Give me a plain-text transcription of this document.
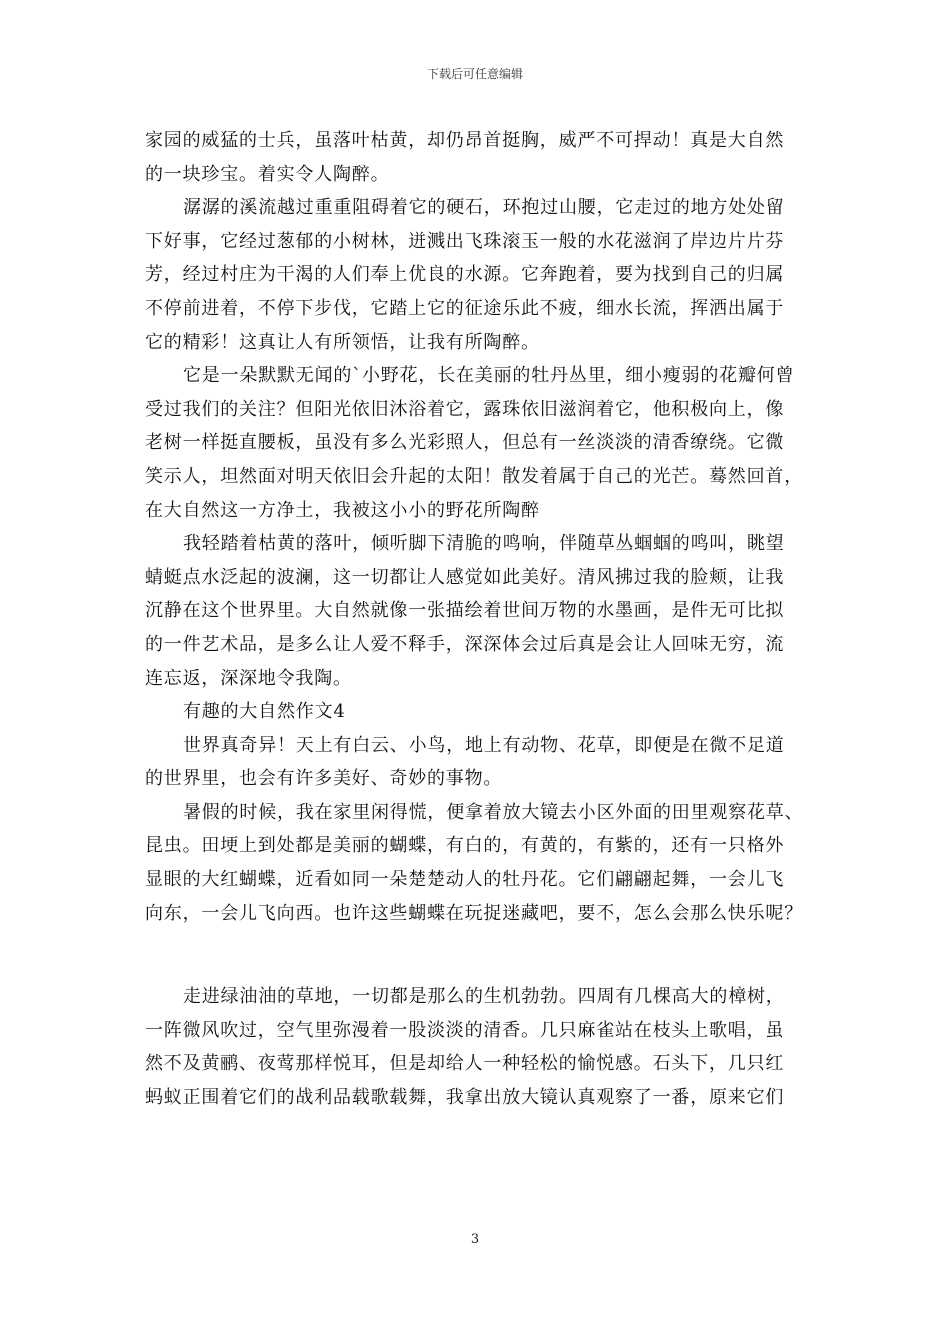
下载后可任意编辑
家园的威猛的士兵，虽落叶枯黄，却仍昂首挺胸，威严不可捍动！真是大自然
的一块珍宝。着实令人陶醉。
潺潺的溪流越过重重阻碍着它的硬石，环抱过山腰，它走过的地方处处留
下好事，它经过葱郁的小树林，迸溅出飞珠滚玉一般的水花滋润了岸边片片芬
芳，经过村庄为干渴的人们奉上优良的水源。它奔跑着，要为找到自己的归属
不停前进着，不停下步伐，它踏上它的征途乐此不疲，细水长流，挥洒出属于
它的精彩！这真让人有所领悟，让我有所陶醉。
它是一朵默默无闻的`小野花，长在美丽的牡丹丛里，细小瘦弱的花瓣何曾
受过我们的关注？但阳光依旧沐浴着它，露珠依旧滋润着它，他积极向上，像
老树一样挺直腰板，虽没有多么光彩照人，但总有一丝淡淡的清香缭绕。它微
笑示人，坦然面对明天依旧会升起的太阳！散发着属于自己的光芒。蓦然回首，
在大自然这一方净土，我被这小小的野花所陶醉
我轻踏着枯黄的落叶，倾听脚下清脆的鸣响，伴随草丛蝈蝈的鸣叫，眺望
蜻蜓点水泛起的波澜，这一切都让人感觉如此美好。清风拂过我的脸颊，让我
沉静在这个世界里。大自然就像一张描绘着世间万物的水墨画，是件无可比拟
的一件艺术品，是多么让人爱不释手，深深体会过后真是会让人回味无穷，流
连忘返，深深地令我陶。
有趣的大自然作文4
世界真奇异！天上有白云、小鸟，地上有动物、花草，即便是在微不足道
的世界里，也会有许多美好、奇妙的事物。
暑假的时候，我在家里闲得慌，便拿着放大镜去小区外面的田里观察花草、
昆虫。田埂上到处都是美丽的蝴蝶，有白的，有黄的，有紫的，还有一只格外
显眼的大红蝴蝶，近看如同一朵楚楚动人的牡丹花。它们翩翩起舞，一会儿飞
向东，一会儿飞向西。也许这些蝴蝶在玩捉迷藏吧，要不，怎么会那么快乐呢？
走进绿油油的草地，一切都是那么的生机勃勃。四周有几棵高大的樟树，
一阵微风吹过，空气里弥漫着一股淡淡的清香。几只麻雀站在枝头上歌唱，虽
然不及黄鹂、夜莺那样悦耳，但是却给人一种轻松的愉悦感。石头下，几只红
蚂蚁正围着它们的战利品载歌载舞，我拿出放大镜认真观察了一番，原来它们
3
